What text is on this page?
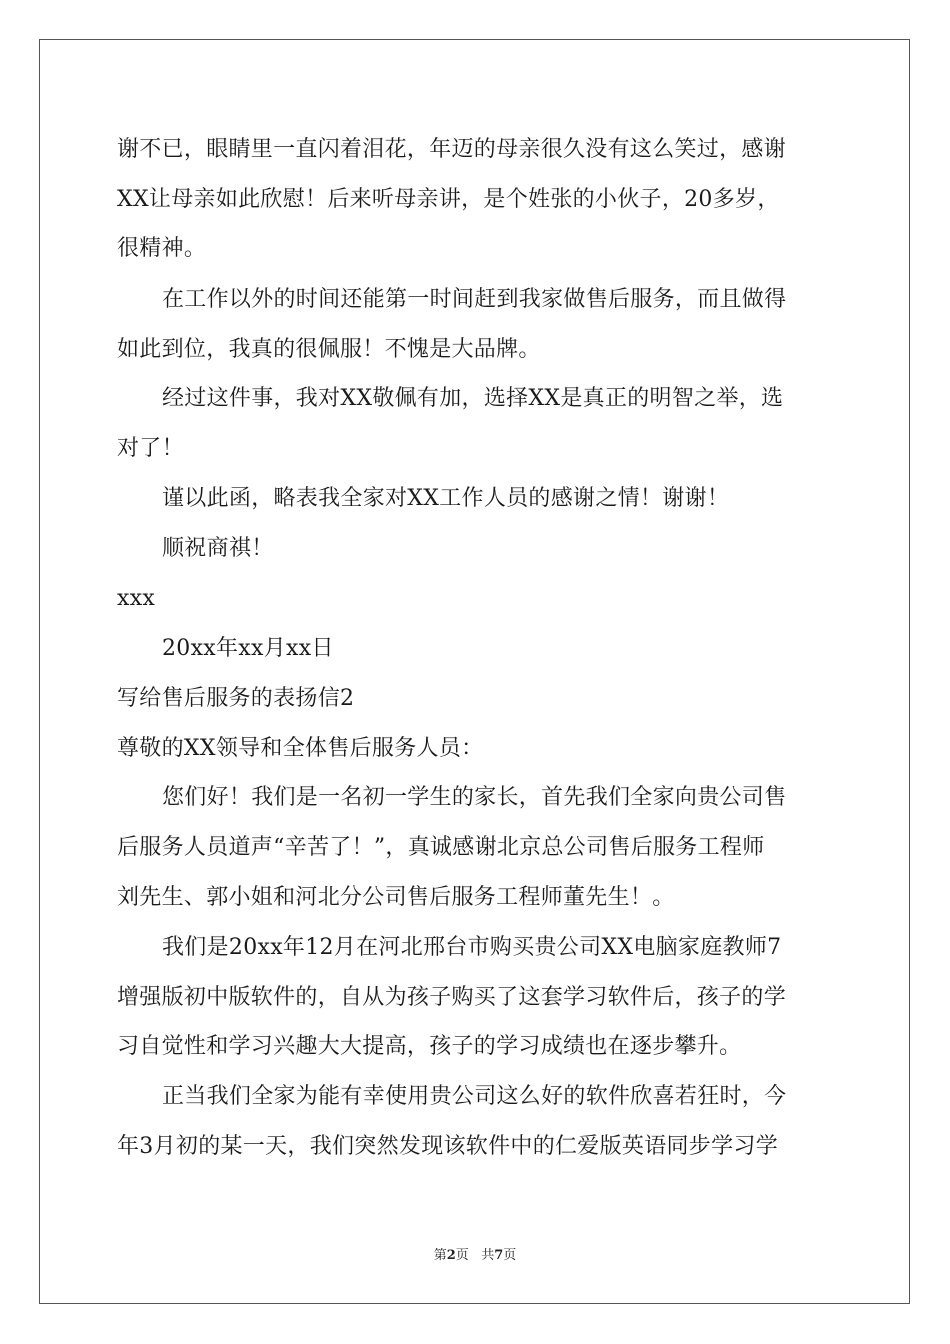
谢不已，眼睛里一直闪着泪花，年迈的母亲很久没有这么笑过，感谢
XX让母亲如此欣慰！后来听母亲讲，是个姓张的小伙子，20多岁，
很精神。
在工作以外的时间还能第一时间赶到我家做售后服务，而且做得
如此到位，我真的很佩服！不愧是大品牌。
经过这件事，我对XX敬佩有加，选择XX是真正的明智之举，选
对了！
谨以此函，略表我全家对XX工作人员的感谢之情！谢谢！
顺祝商祺！
xxx
20xx年xx月xx日
写给售后服务的表扬信2
尊敬的XX领导和全体售后服务人员：
您们好！我们是一名初一学生的家长，首先我们全家向贵公司售
后服务人员道声“辛苦了！”，真诚感谢北京总公司售后服务工程师
刘先生、郭小姐和河北分公司售后服务工程师董先生！。
我们是20xx年12月在河北邢台市购买贵公司XX电脑家庭教师7
增强版初中版软件的，自从为孩子购买了这套学习软件后，孩子的学
习自觉性和学习兴趣大大提高，孩子的学习成绩也在逐步攀升。
正当我们全家为能有幸使用贵公司这么好的软件欣喜若狂时，今
年3月初的某一天，我们突然发现该软件中的仁爱版英语同步学习学
第2页   共7页
